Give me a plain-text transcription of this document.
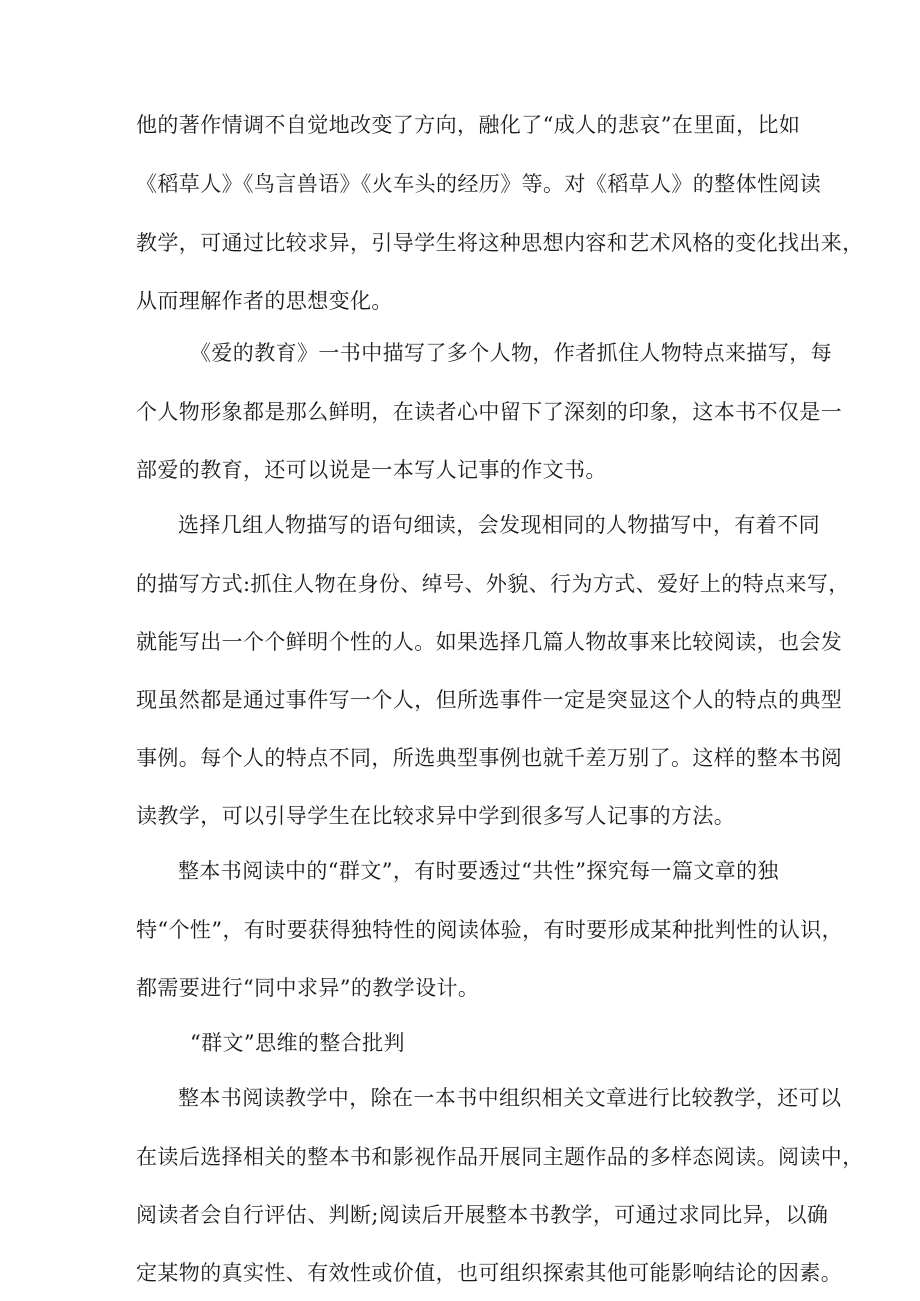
他的著作情调不自觉地改变了方向，融化了“成人的悲哀”在里面，比如
《稻草人》《鸟言兽语》《火车头的经历》等。对《稻草人》的整体性阅读
教学，可通过比较求异，引导学生将这种思想内容和艺术风格的变化找出来，
从而理解作者的思想变化。
《爱的教育》一书中描写了多个人物，作者抓住人物特点来描写，每
个人物形象都是那么鲜明，在读者心中留下了深刻的印象，这本书不仅是一
部爱的教育，还可以说是一本写人记事的作文书。
选择几组人物描写的语句细读，会发现相同的人物描写中，有着不同
的描写方式:抓住人物在身份、绰号、外貌、行为方式、爱好上的特点来写，
就能写出一个个鲜明个性的人。如果选择几篇人物故事来比较阅读，也会发
现虽然都是通过事件写一个人，但所选事件一定是突显这个人的特点的典型
事例。每个人的特点不同，所选典型事例也就千差万别了。这样的整本书阅
读教学，可以引导学生在比较求异中学到很多写人记事的方法。
整本书阅读中的“群文”，有时要透过“共性”探究每一篇文章的独
特“个性”，有时要获得独特性的阅读体验，有时要形成某种批判性的认识，
都需要进行“同中求异”的教学设计。
“群文”思维的整合批判
整本书阅读教学中，除在一本书中组织相关文章进行比较教学，还可以
在读后选择相关的整本书和影视作品开展同主题作品的多样态阅读。阅读中，
阅读者会自行评估、判断;阅读后开展整本书教学，可通过求同比异，以确
定某物的真实性、有效性或价值，也可组织探索其他可能影响结论的因素。
